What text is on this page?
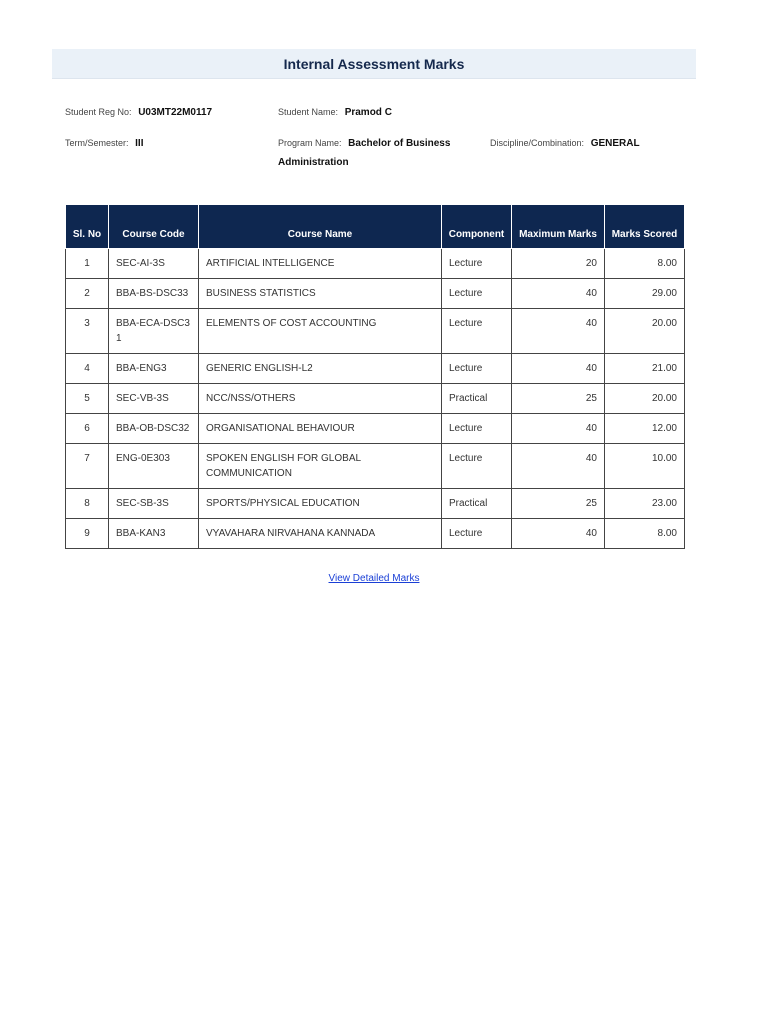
Internal Assessment Marks
Student Reg No: U03MT22M0117	Student Name: Pramod C
Term/Semester: III	Program Name: Bachelor of Business Administration
Discipline/Combination: GENERAL
Sl. No	Course Code	Course Name	Component	Maximum Marks	Marks Scored
1	SEC-AI-3S	ARTIFICIAL INTELLIGENCE	Lecture	20	8.00
2	BBA-BS-DSC33	BUSINESS STATISTICS	Lecture	40	29.00
3	BBA-ECA-DSC31	ELEMENTS OF COST ACCOUNTING	Lecture	40	20.00
4	BBA-ENG3	GENERIC ENGLISH-L2	Lecture	40	21.00
5	SEC-VB-3S	NCC/NSS/OTHERS	Practical	25	20.00
6	BBA-OB-DSC32	ORGANISATIONAL BEHAVIOUR	Lecture	40	12.00
7	ENG-0E303	SPOKEN ENGLISH FOR GLOBAL COMMUNICATION	Lecture	40	10.00
8	SEC-SB-3S	SPORTS/PHYSICAL EDUCATION	Practical	25	23.00
9	BBA-KAN3	VYAVAHARA NIRVAHANA KANNADA	Lecture	40	8.00
View Detailed Marks
